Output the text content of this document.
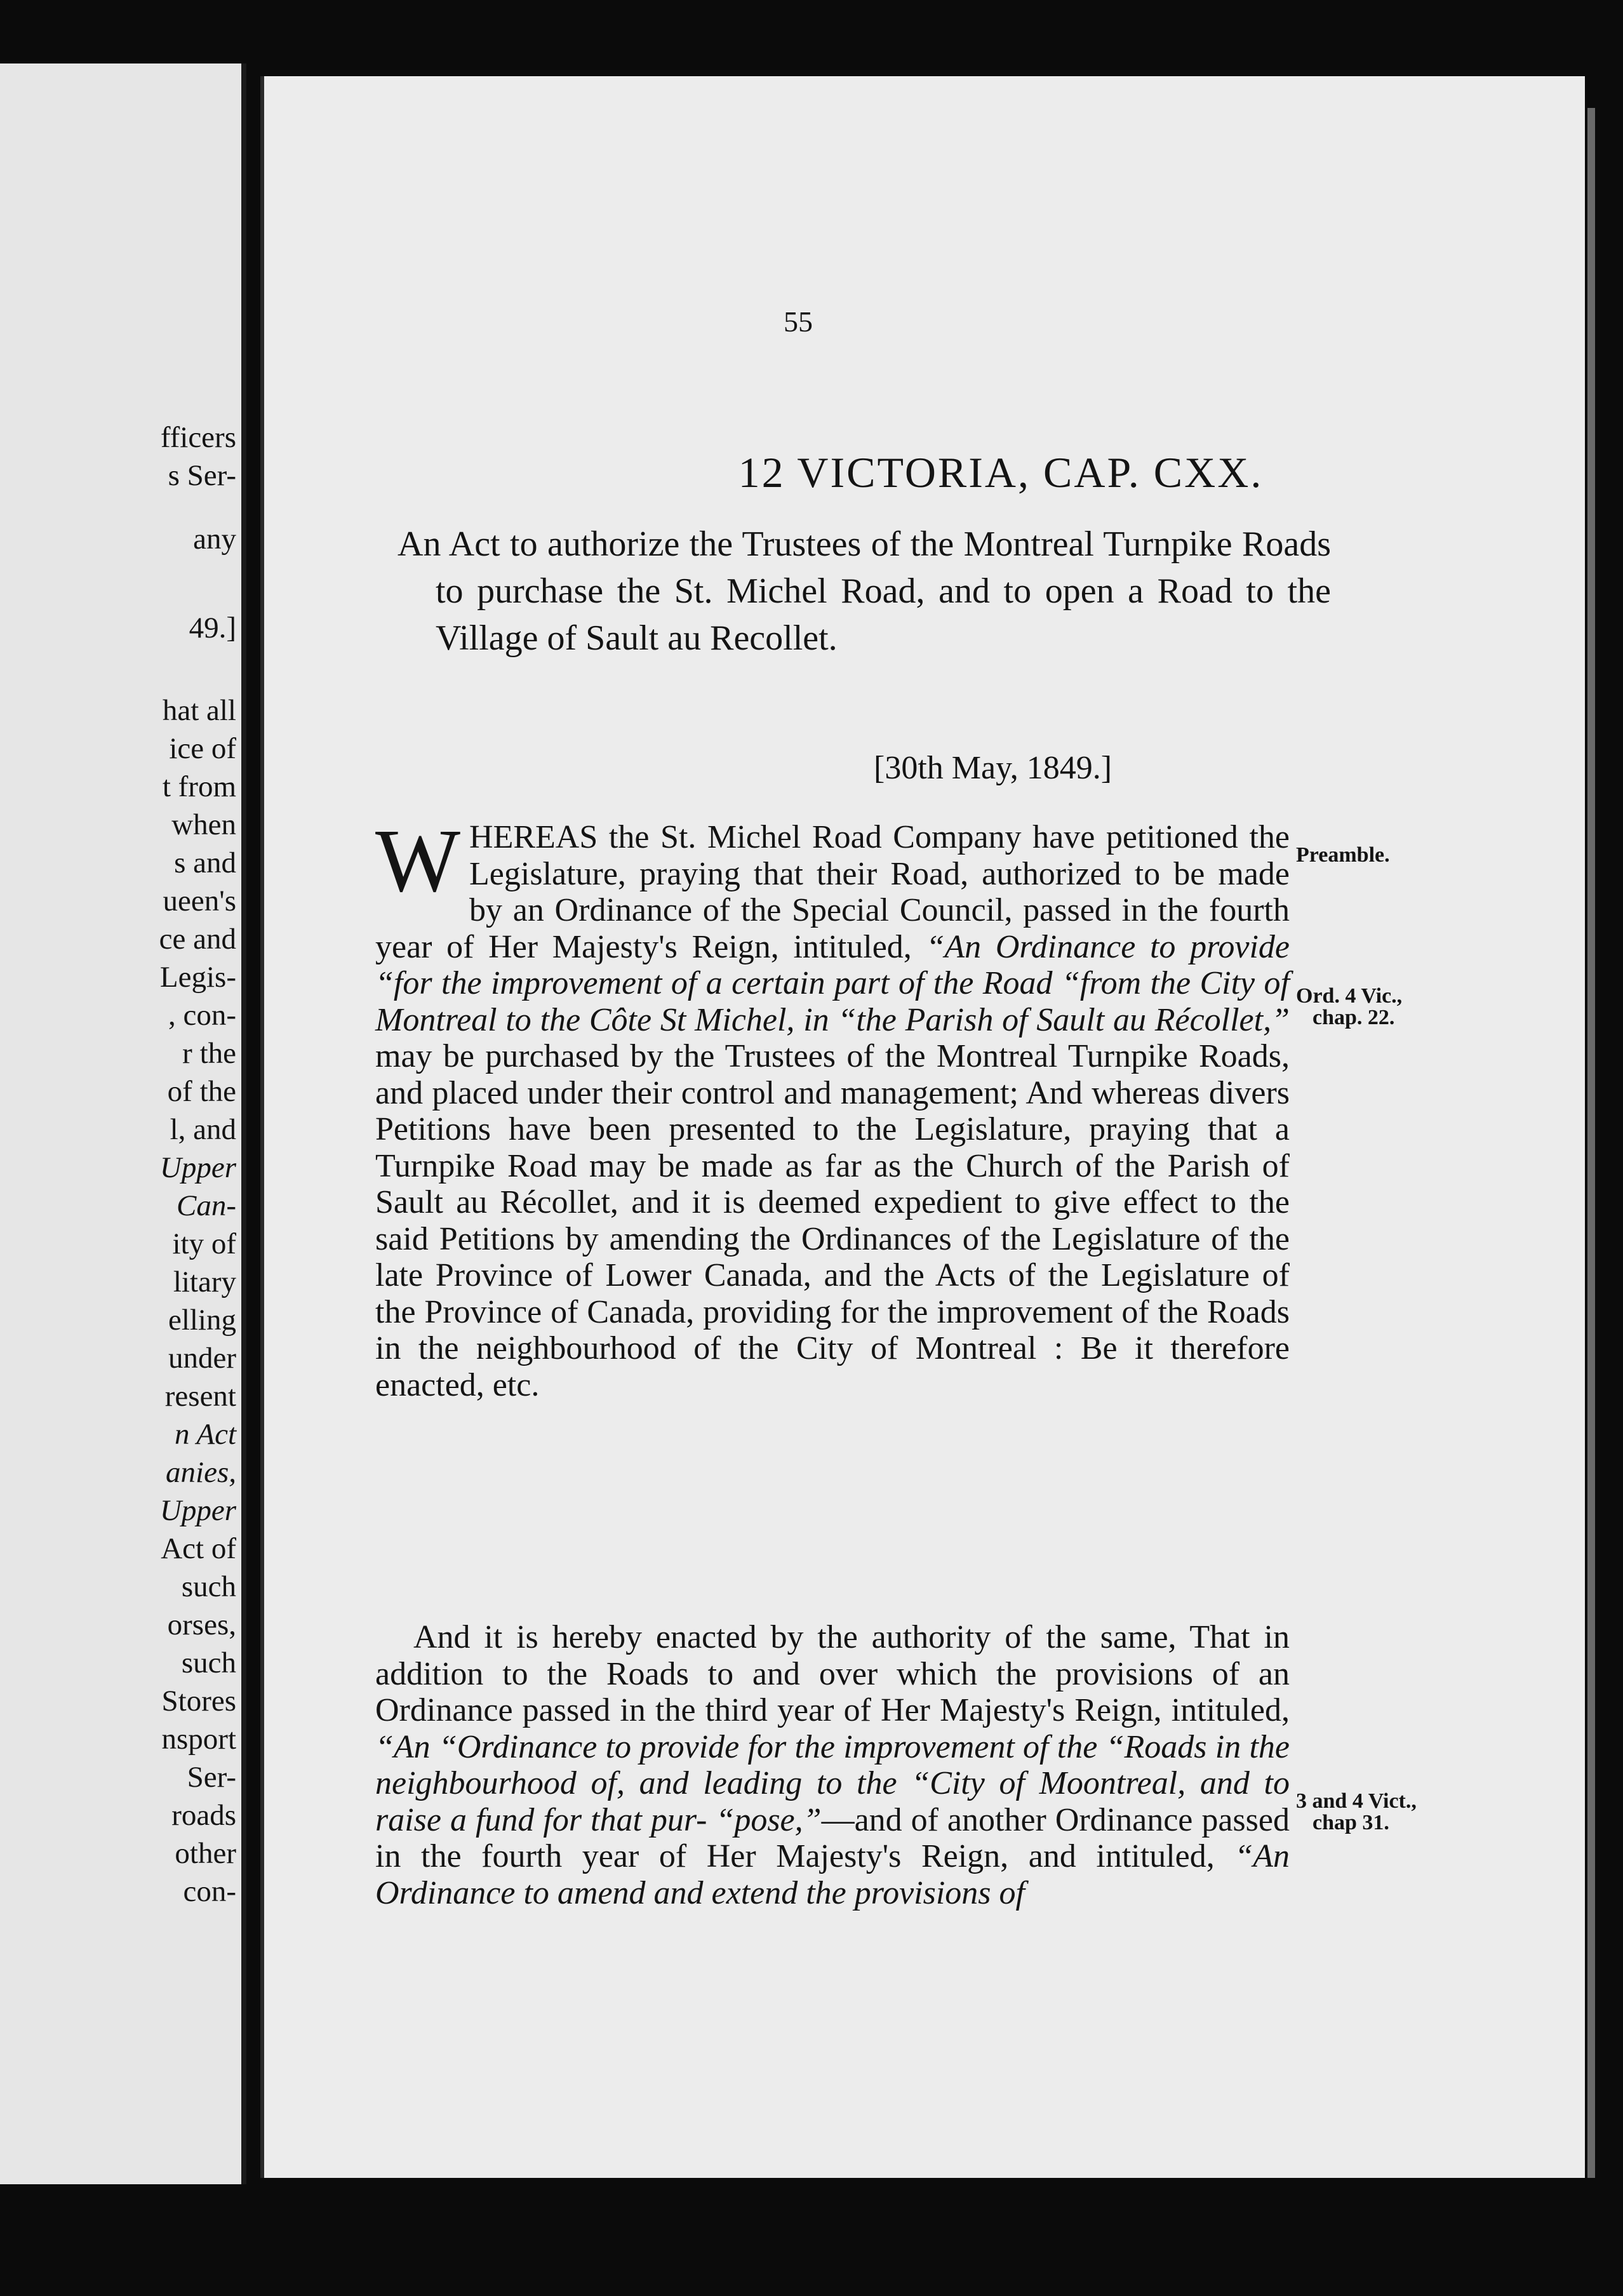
fficers
s Ser-
any
49.]
hat all
ice of
t from
when
s and
ueen's
ce and
Legis-
, con-
r the
of the
l, and
Upper
Can-
ity of
litary
elling
under
resent
n Act
anies,
Upper
Act of
such
orses,
such
Stores
nsport
Ser-
roads
other
con-
55
12 VICTORIA, CAP. CXX.
An Act to authorize the Trustees of the Montreal Turnpike Roads to purchase the St. Michel Road, and to open a Road to the Village of Sault au Recollet.
[30th May, 1849.]
WHEREAS the St. Michel Road Company have petitioned the Legislature, praying that their Road, authorized to be made by an Ordinance of the Special Council, passed in the fourth year of Her Majesty's Reign, intituled, “An Ordinance to provide “for the improvement of a certain part of the Road “from the City of Montreal to the Côte St Michel, in “the Parish of Sault au Récollet,” may be purchased by the Trustees of the Montreal Turnpike Roads, and placed under their control and management; And whereas divers Petitions have been presented to the Legislature, praying that a Turnpike Road may be made as far as the Church of the Parish of Sault au Récollet, and it is deemed expedient to give effect to the said Petitions by amending the Ordinances of the Legislature of the late Province of Lower Canada, and the Acts of the Legislature of the Province of Canada, providing for the improvement of the Roads in the neighbourhood of the City of Montreal : Be it therefore enacted, etc.
And it is hereby enacted by the authority of the same, That in addition to the Roads to and over which the provisions of an Ordinance passed in the third year of Her Majesty's Reign, intituled, “An “Ordinance to provide for the improvement of the “Roads in the neighbourhood of, and leading to the “City of Moontreal, and to raise a fund for that pur- “pose,”—and of another Ordinance passed in the fourth year of Her Majesty's Reign, and intituled, “An Ordinance to amend and extend the provisions of
Preamble.
Ord. 4 Vic.,
chap. 22.
3 and 4 Vict.,
chap 31.
